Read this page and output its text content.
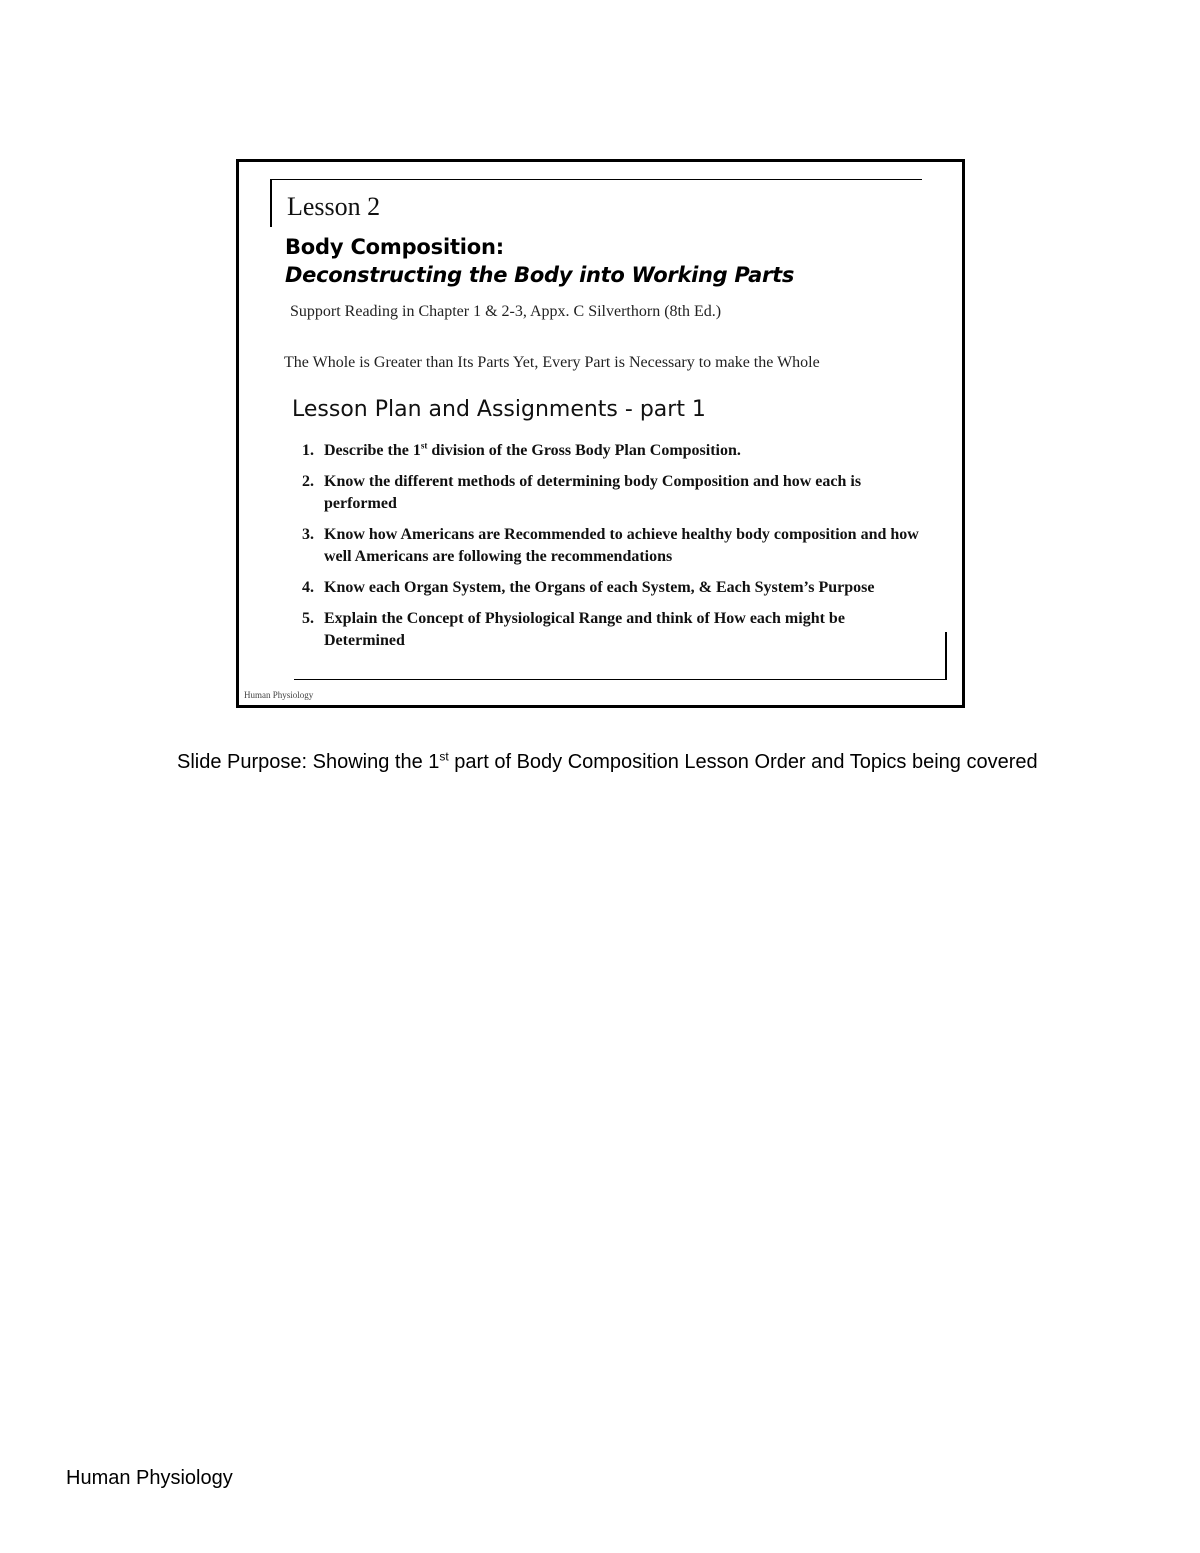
Lesson 2
Body Composition:
Deconstructing the Body into Working Parts
Support Reading in Chapter 1 & 2-3, Appx. C Silverthorn (8th Ed.)
The Whole is Greater than Its Parts Yet, Every Part is Necessary to make the Whole
Lesson Plan and Assignments - part 1
1. Describe the 1st division of the Gross Body Plan Composition.
2. Know the different methods of determining body Composition and how each is performed
3. Know how Americans are Recommended to achieve healthy body composition and how well Americans are following the recommendations
4. Know each Organ System, the Organs of each System, & Each System’s Purpose
5. Explain the Concept of Physiological Range and think of How each might be Determined
Human Physiology
Slide Purpose: Showing the 1st part of Body Composition Lesson Order and Topics being covered
Human Physiology
